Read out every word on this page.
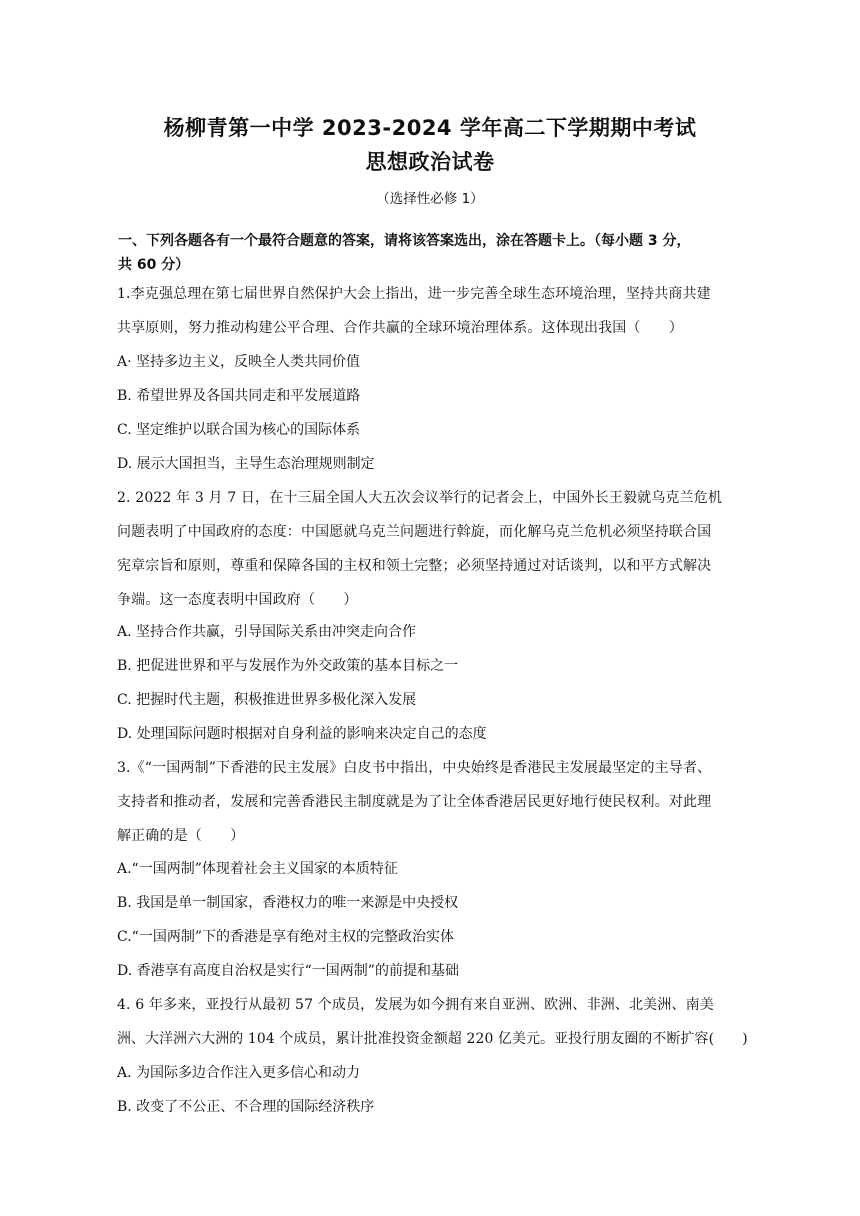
杨柳青第一中学 2023-2024 学年高二下学期期中考试
思想政治试卷
（选择性必修 1）
一、下列各题各有一个最符合题意的答案，请将该答案选出，涂在答题卡上。（每小题 3 分，
共 60 分）
1.李克强总理在第七届世界自然保护大会上指出，进一步完善全球生态环境治理，坚持共商共建
共享原则，努力推动构建公平合理、合作共赢的全球环境治理体系。这体现出我国（　　）
A· 坚持多边主义，反映全人类共同价值
B. 希望世界及各国共同走和平发展道路
C. 坚定维护以联合国为核心的国际体系
D. 展示大国担当，主导生态治理规则制定
2. 2022 年 3 月 7 日，在十三届全国人大五次会议举行的记者会上，中国外长王毅就乌克兰危机
问题表明了中国政府的态度：中国愿就乌克兰问题进行斡旋，而化解乌克兰危机必须坚持联合国
宪章宗旨和原则，尊重和保障各国的主权和领土完整；必须坚持通过对话谈判，以和平方式解决
争端。这一态度表明中国政府（　　）
A. 坚持合作共赢，引导国际关系由冲突走向合作
B. 把促进世界和平与发展作为外交政策的基本目标之一
C. 把握时代主题，积极推进世界多极化深入发展
D. 处理国际问题时根据对自身利益的影响来决定自己的态度
3.《“一国两制”下香港的民主发展》白皮书中指出，中央始终是香港民主发展最坚定的主导者、
支持者和推动者，发展和完善香港民主制度就是为了让全体香港居民更好地行使民权利。对此理
解正确的是（　　）
A.“一国两制”体现着社会主义国家的本质特征
B. 我国是单一制国家，香港权力的唯一来源是中央授权
C.“一国两制”下的香港是享有绝对主权的完整政治实体
D. 香港享有高度自治权是实行“一国两制”的前提和基础
4. 6 年多来，亚投行从最初 57 个成员，发展为如今拥有来自亚洲、欧洲、非洲、北美洲、南美
洲、大洋洲六大洲的 104 个成员，累计批准投资金额超 220 亿美元。亚投行朋友圈的不断扩容(　　)
A. 为国际多边合作注入更多信心和动力
B. 改变了不公正、不合理的国际经济秩序
